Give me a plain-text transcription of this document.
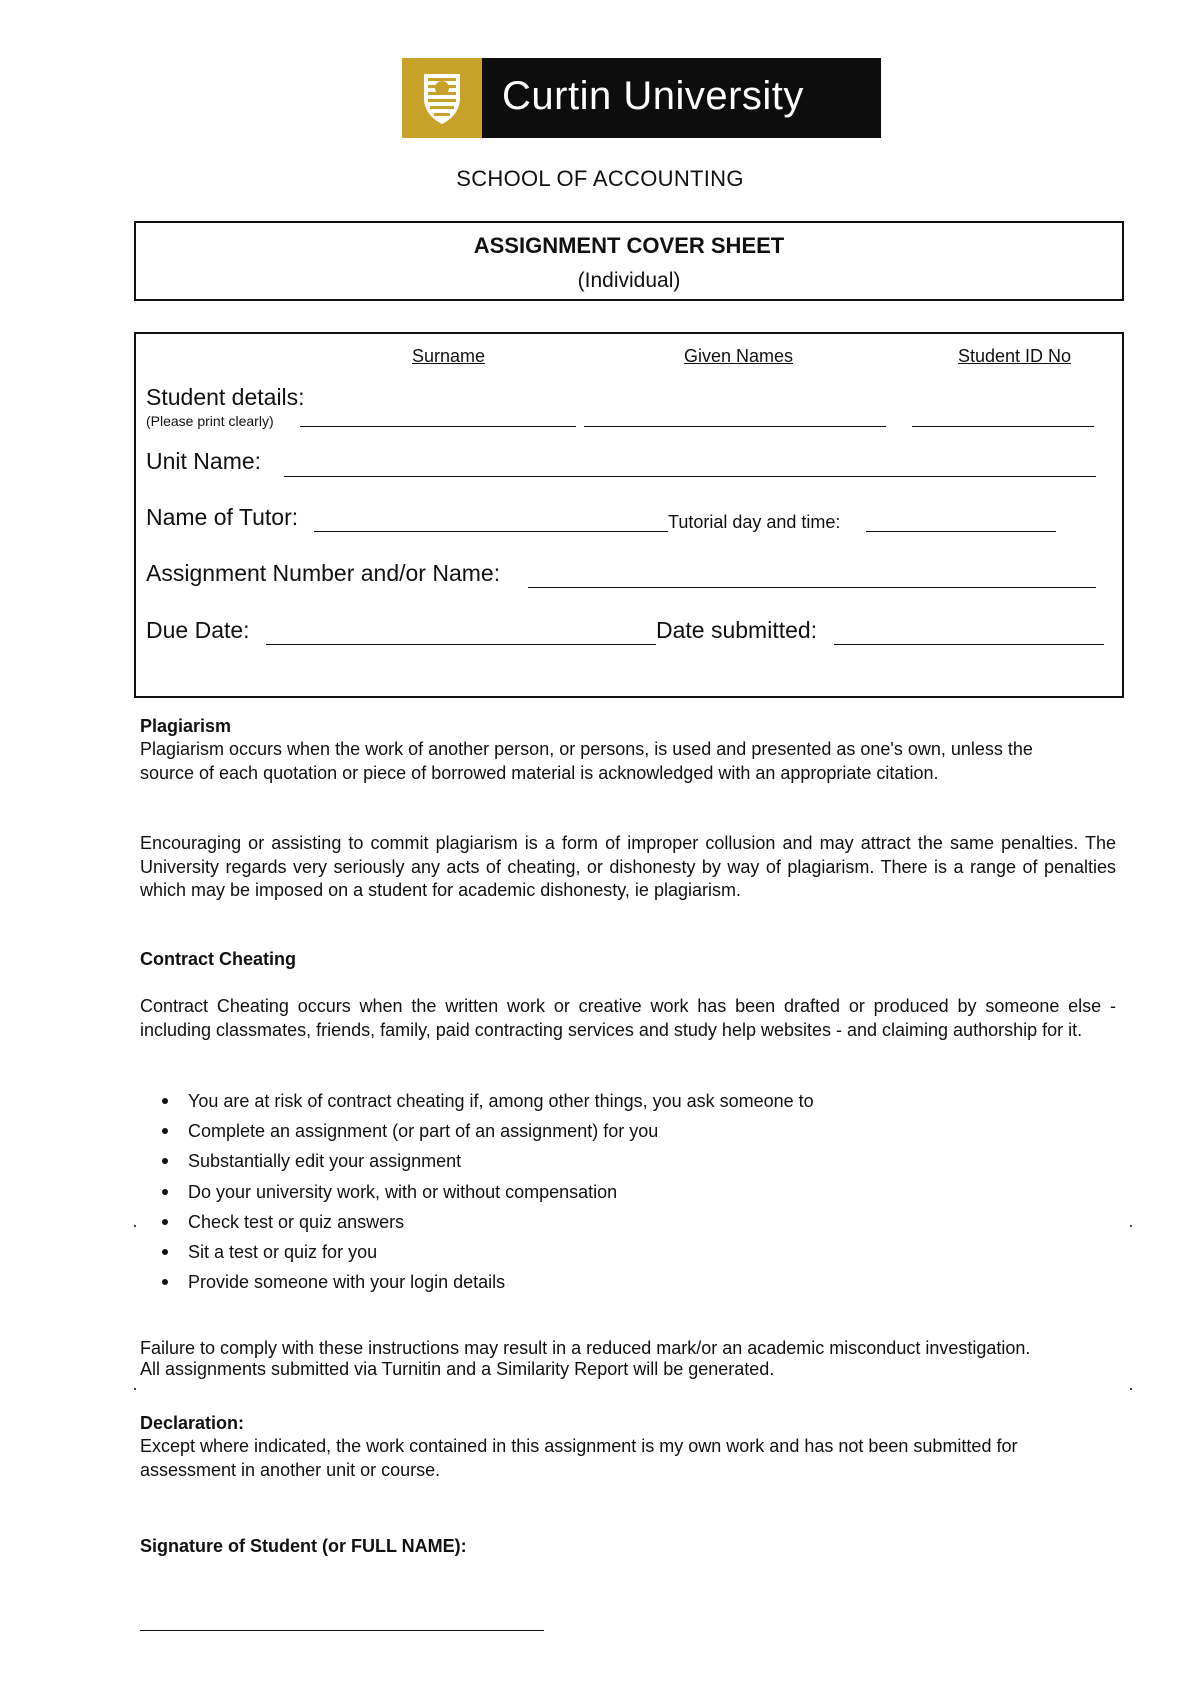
Curtin University
SCHOOL OF ACCOUNTING
ASSIGNMENT COVER SHEET
(Individual)
Surname	Given Names	Student ID No
Student details:
(Please print clearly)
Unit Name:
Name of Tutor:	Tutorial day and time:
Assignment Number and/or Name:
Due Date:	Date submitted:
Plagiarism
Plagiarism occurs when the work of another person, or persons, is used and presented as one's own, unless the source of each quotation or piece of borrowed material is acknowledged with an appropriate citation.
Encouraging or assisting to commit plagiarism is a form of improper collusion and may attract the same penalties. The University regards very seriously any acts of cheating, or dishonesty by way of plagiarism. There is a range of penalties which may be imposed on a student for academic dishonesty, ie plagiarism.
Contract Cheating
Contract Cheating occurs when the written work or creative work has been drafted or produced by someone else - including classmates, friends, family, paid contracting services and study help websites - and claiming authorship for it.
You are at risk of contract cheating if, among other things, you ask someone to
Complete an assignment (or part of an assignment) for you
Substantially edit your assignment
Do your university work, with or without compensation
Check test or quiz answers
Sit a test or quiz for you
Provide someone with your login details
Failure to comply with these instructions may result in a reduced mark/or an academic misconduct investigation. All assignments submitted via Turnitin and a Similarity Report will be generated.
Declaration:
Except where indicated, the work contained in this assignment is my own work and has not been submitted for assessment in another unit or course.
Signature of Student (or FULL NAME):
